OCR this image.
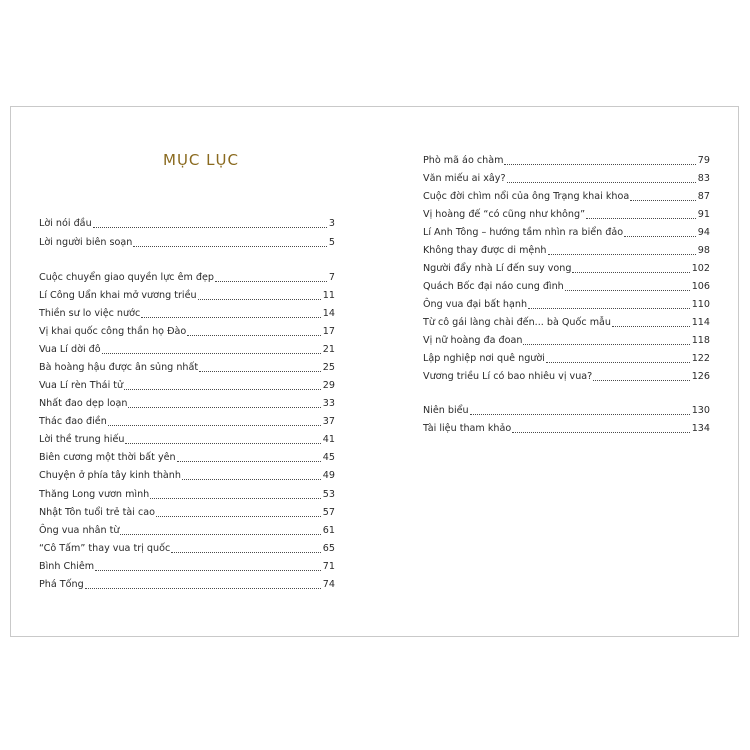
MỤC LỤC
Lời nói đầu	3
Lời người biên soạn	5
Cuộc chuyển giao quyền lực êm đẹp	7
Lí Công Uẩn khai mở vương triều	11
Thiền sư lo việc nước	14
Vị khai quốc công thần họ Đào	17
Vua Lí dời đô	21
Bà hoàng hậu được ân sủng nhất	25
Vua Lí rèn Thái tử	29
Nhất đao dẹp loạn	33
Thác đao điền	37
Lời thề trung hiếu	41
Biên cương một thời bất yên	45
Chuyện ở phía tây kinh thành	49
Thăng Long vươn mình	53
Nhật Tôn tuổi trẻ tài cao	57
Ông vua nhân từ	61
“Cô Tấm” thay vua trị quốc	65
Bình Chiêm	71
Phá Tống	74
Phò mã áo chàm	79
Văn miếu ai xây?	83
Cuộc đời chìm nổi của ông Trạng khai khoa	87
Vị hoàng đế “có cũng như không”	91
Lí Anh Tông – hướng tầm nhìn ra biển đảo	94
Không thay được di mệnh	98
Người đẩy nhà Lí đến suy vong	102
Quách Bốc đại náo cung đình	106
Ông vua đại bất hạnh	110
Từ cô gái làng chài đến... bà Quốc mẫu	114
Vị nữ hoàng đa đoan	118
Lập nghiệp nơi quê người	122
Vương triều Lí có bao nhiêu vị vua?	126
Niên biểu	130
Tài liệu tham khảo	134
